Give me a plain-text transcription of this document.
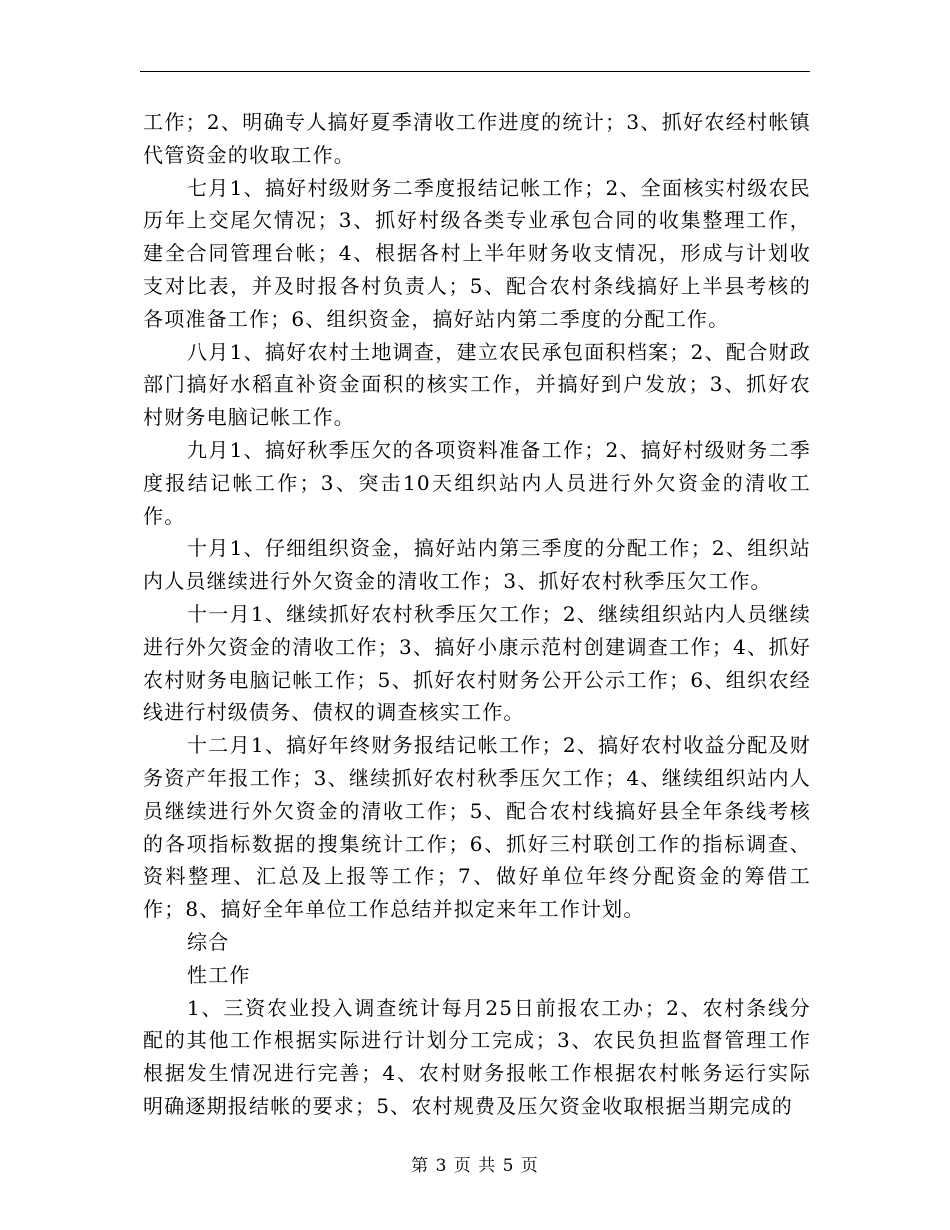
工作；2、明确专人搞好夏季清收工作进度的统计；3、抓好农经村帐镇代管资金的收取工作。

七月1、搞好村级财务二季度报结记帐工作；2、全面核实村级农民历年上交尾欠情况；3、抓好村级各类专业承包合同的收集整理工作，建全合同管理台帐；4、根据各村上半年财务收支情况，形成与计划收支对比表，并及时报各村负责人；5、配合农村条线搞好上半县考核的各项准备工作；6、组织资金，搞好站内第二季度的分配工作。

八月1、搞好农村土地调查，建立农民承包面积档案；2、配合财政部门搞好水稻直补资金面积的核实工作，并搞好到户发放；3、抓好农村财务电脑记帐工作。

九月1、搞好秋季压欠的各项资料准备工作；2、搞好村级财务二季度报结记帐工作；3、突击10天组织站内人员进行外欠资金的清收工作。

十月1、仔细组织资金，搞好站内第三季度的分配工作；2、组织站内人员继续进行外欠资金的清收工作；3、抓好农村秋季压欠工作。

十一月1、继续抓好农村秋季压欠工作；2、继续组织站内人员继续进行外欠资金的清收工作；3、搞好小康示范村创建调查工作；4、抓好农村财务电脑记帐工作；5、抓好农村财务公开公示工作；6、组织农经线进行村级债务、债权的调查核实工作。

十二月1、搞好年终财务报结记帐工作；2、搞好农村收益分配及财务资产年报工作；3、继续抓好农村秋季压欠工作；4、继续组织站内人员继续进行外欠资金的清收工作；5、配合农村线搞好县全年条线考核的各项指标数据的搜集统计工作；6、抓好三村联创工作的指标调查、资料整理、汇总及上报等工作；7、做好单位年终分配资金的筹借工作；8、搞好全年单位工作总结并拟定来年工作计划。

综合

性工作

1、三资农业投入调查统计每月25日前报农工办；2、农村条线分配的其他工作根据实际进行计划分工完成；3、农民负担监督管理工作根据发生情况进行完善；4、农村财务报帐工作根据农村帐务运行实际明确逐期报结帐的要求；5、农村规费及压欠资金收取根据当期完成的

第 3 页 共 5 页
